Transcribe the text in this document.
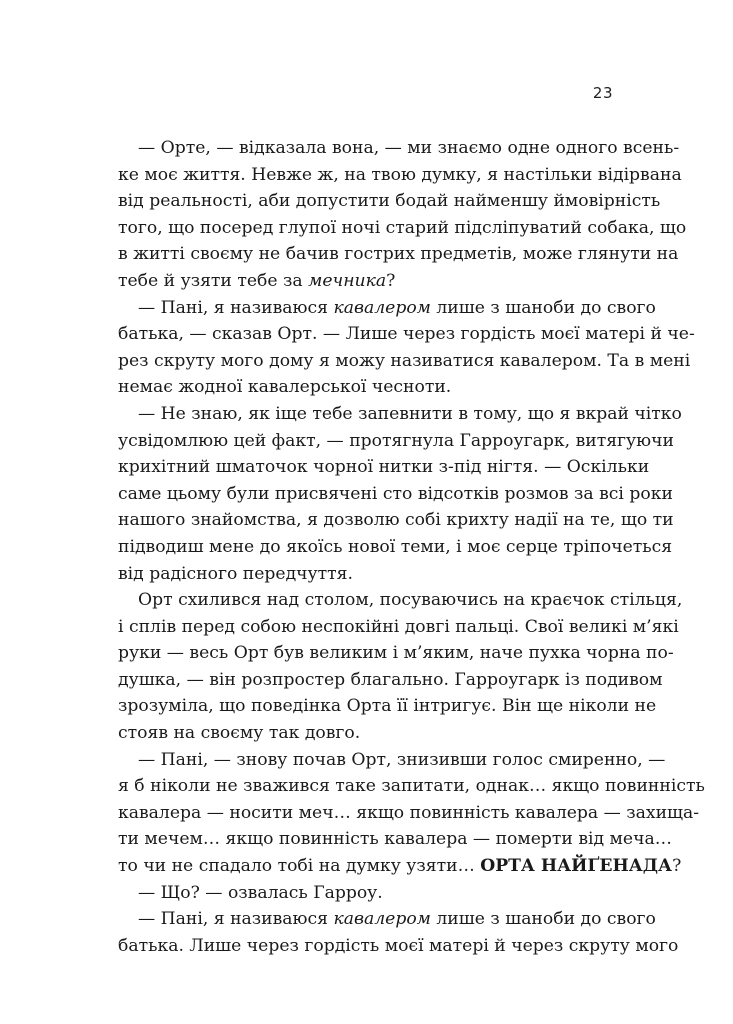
23
— Орте, — відказала вона, — ми знаємо одне одного всень-
ке моє життя. Невже ж, на твою думку, я настільки відірвана
від реальності, аби допустити бодай найменшу ймовірність
того, що посеред глупої ночі старий підсліпуватий собака, що
в житті своєму не бачив гострих предметів, може глянути на
тебе й узяти тебе за мечника?
— Пані, я називаюся кавалером лише з шаноби до свого
батька, — сказав Орт. — Лише через гордість моєї матері й че-
рез скруту мого дому я можу називатися кавалером. Та в мені
немає жодної кавалерської чесноти.
— Не знаю, як іще тебе запевнити в тому, що я вкрай чітко
усвідомлюю цей факт, — протягнула Гарроугарк, витягуючи
крихітний шматочок чорної нитки з-під нігтя. — Оскільки
саме цьому були присвячені сто відсотків розмов за всі роки
нашого знайомства, я дозволю собі крихту надії на те, що ти
підводиш мене до якоїсь нової теми, і моє серце тріпочеться
від радісного передчуття.
Орт схилився над столом, посуваючись на краєчок стільця,
і сплів перед собою неспокійні довгі пальці. Свої великі м’які
руки — весь Орт був великим і м’яким, наче пухка чорна по-
душка, — він розпростер благально. Гарроугарк із подивом
зрозуміла, що поведінка Орта її інтригує. Він ще ніколи не
стояв на своєму так довго.
— Пані, — знову почав Орт, знизивши голос смиренно, —
я б ніколи не зважився таке запитати, однак… якщо повинність
кавалера — носити меч… якщо повинність кавалера — захища-
ти мечем… якщо повинність кавалера — померти від меча…
то чи не спадало тобі на думку узяти… ОРТА НАЙҐЕНАДА?
— Що? — озвалась Гарроу.
— Пані, я називаюся кавалером лише з шаноби до свого
батька. Лише через гордість моєї матері й через скруту мого
